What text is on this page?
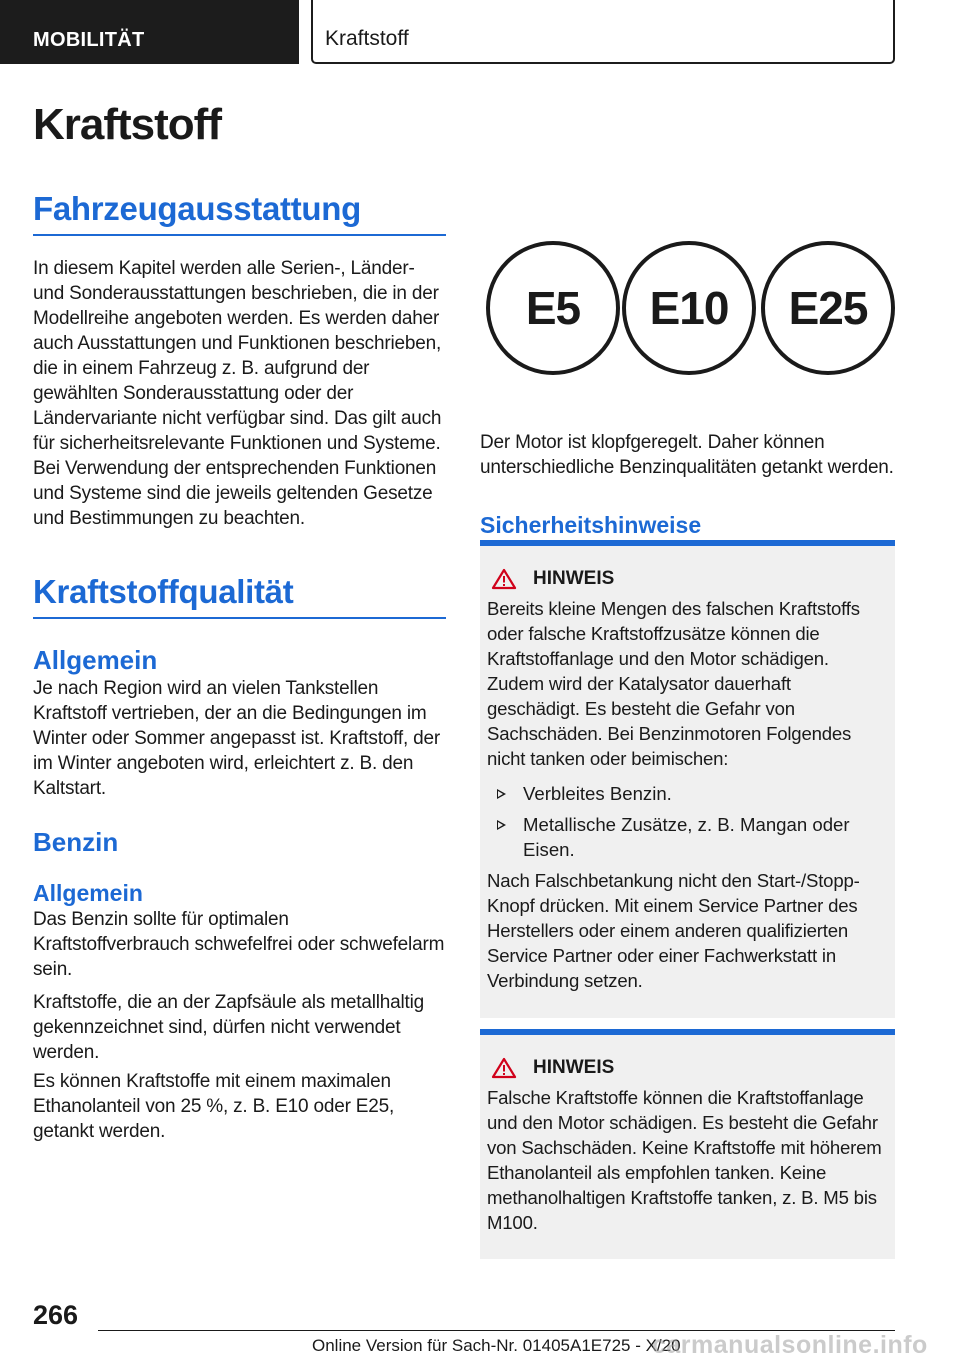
MOBILITÄT	Kraftstoff
Kraftstoff
Fahrzeugausstattung

In diesem Kapitel werden alle Serien-, Länder- und Sonderausstattungen beschrieben, die in der Modellreihe angeboten werden. Es werden daher auch Ausstattungen und Funktionen beschrieben, die in einem Fahrzeug z. B. aufgrund der gewählten Sonderausstattung oder der Ländervariante nicht verfügbar sind. Das gilt auch für sicherheitsrelevante Funktionen und Systeme. Bei Verwendung der entsprechenden Funktionen und Systeme sind die jeweils geltenden Gesetze und Bestimmungen zu beachten.

Kraftstoffqualität
Allgemein

Je nach Region wird an vielen Tankstellen Kraftstoff vertrieben, der an die Bedingungen im Winter oder Sommer angepasst ist. Kraftstoff, der im Winter angeboten wird, erleichtert z. B. den Kaltstart.

Benzin
Allgemein

Das Benzin sollte für optimalen Kraftstoffverbrauch schwefelfrei oder schwefelarm sein.

Kraftstoffe, die an der Zapfsäule als metallhaltig gekennzeichnet sind, dürfen nicht verwendet werden.

Es können Kraftstoffe mit einem maximalen Ethanolanteil von 25 %, z. B. E10 oder E25, getankt werden.

E5	E10	E25

Der Motor ist klopfgeregelt. Daher können unterschiedliche Benzinqualitäten getankt werden.

Sicherheitshinweise
HINWEIS

Bereits kleine Mengen des falschen Kraftstoffs oder falsche Kraftstoffzusätze können die Kraftstoffanlage und den Motor schädigen. Zudem wird der Katalysator dauerhaft geschädigt. Es besteht die Gefahr von Sachschäden. Bei Benzinmotoren Folgendes nicht tanken oder beimischen:

Verbleites Benzin.
Metallische Zusätze, z. B. Mangan oder Eisen.

Nach Falschbetankung nicht den Start-/Stopp-Knopf drücken. Mit einem Service Partner des Herstellers oder einem anderen qualifizierten Service Partner oder einer Fachwerkstatt in Verbindung setzen.

HINWEIS

Falsche Kraftstoffe können die Kraftstoffanlage und den Motor schädigen. Es besteht die Gefahr von Sachschäden. Keine Kraftstoffe mit höherem Ethanolanteil als empfohlen tanken. Keine methanolhaltigen Kraftstoffe tanken, z. B. M5 bis M100.

266
Online Version für Sach-Nr. 01405A1E725 - X/20
carmanualsonline.info
